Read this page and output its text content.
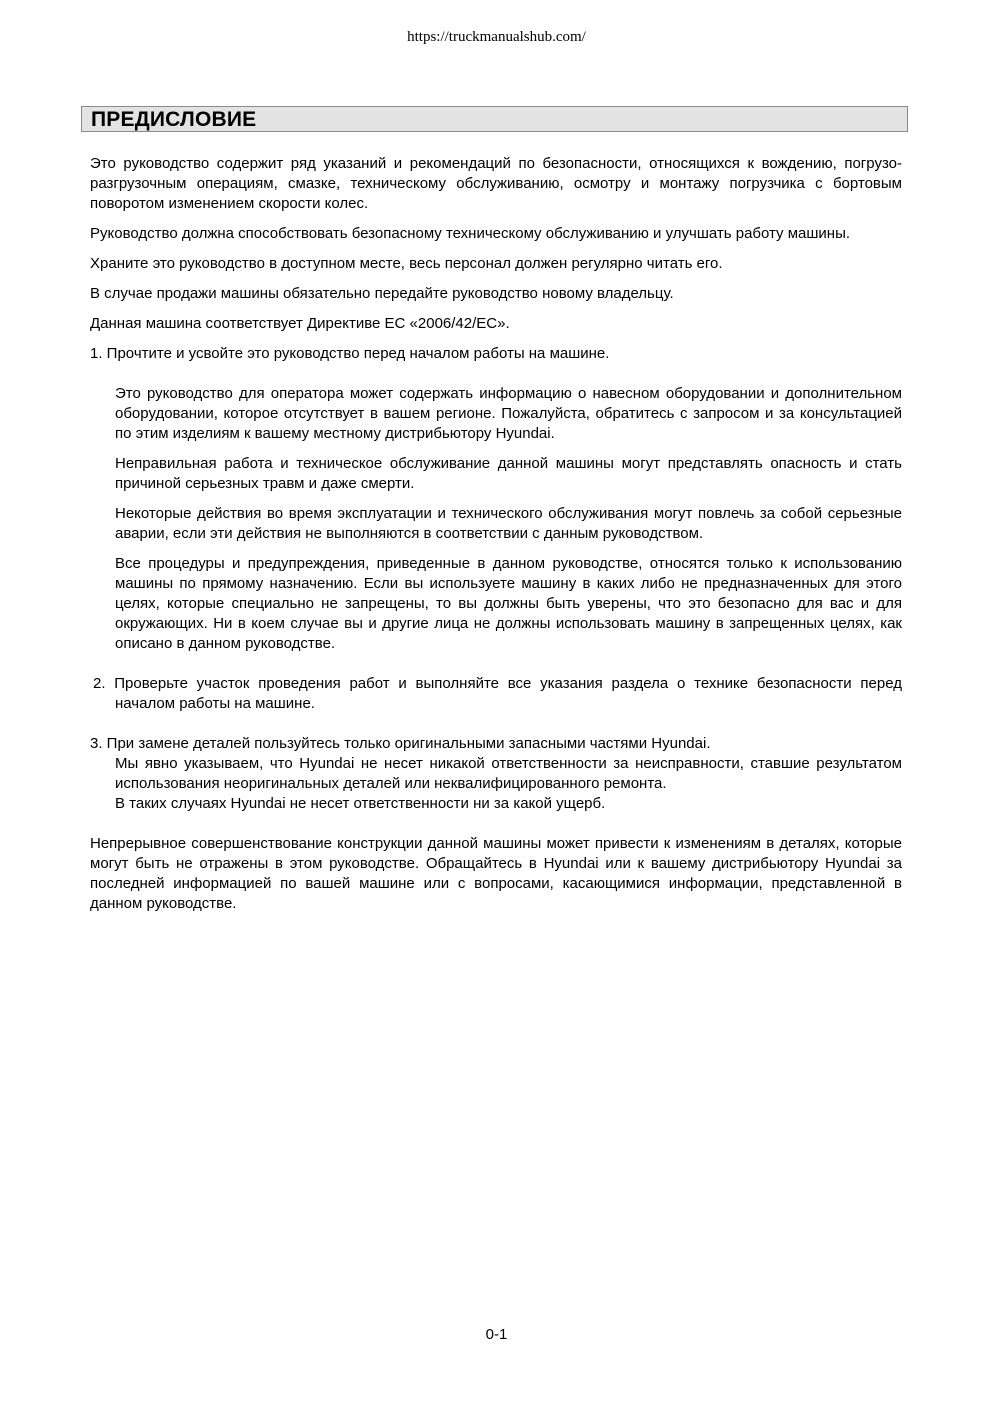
https://truckmanualshub.com/
ПРЕДИСЛОВИЕ

Это руководство содержит ряд указаний и рекомендаций по безопасности, относящихся к вождению, погрузо-разгрузочным операциям, смазке, техническому обслуживанию, осмотру и монтажу погрузчика с бортовым поворотом изменением скорости колес.

Руководство должна способствовать безопасному техническому обслуживанию и улучшать работу машины.

Храните это руководство в доступном месте, весь персонал должен регулярно читать его.

В случае продажи машины обязательно передайте руководство новому владельцу.

Данная машина соответствует Директиве ЕС «2006/42/EC».

1. Прочтите и усвойте это руководство перед началом работы на машине.

Это руководство для оператора может содержать информацию о навесном оборудовании и дополнительном оборудовании, которое отсутствует в вашем регионе. Пожалуйста, обратитесь с запросом и за консультацией по этим изделиям к вашему местному дистрибьютору Hyundai.

Неправильная работа и техническое обслуживание данной машины могут представлять опасность и стать причиной серьезных травм и даже смерти.

Некоторые действия во время эксплуатации и технического обслуживания могут повлечь за собой серьезные аварии, если эти действия не выполняются в соответствии с данным руководством.

Все процедуры и предупреждения, приведенные в данном руководстве, относятся только к использованию машины по прямому назначению. Если вы используете машину в каких либо не предназначенных для этого целях, которые специально не запрещены, то вы должны быть уверены, что это безопасно для вас и для окружающих. Ни в коем случае вы и другие лица не должны использовать машину в запрещенных целях, как описано в данном руководстве.

2. Проверьте участок проведения работ и выполняйте все указания раздела о технике безопасности перед началом работы на машине.

3. При замене деталей пользуйтесь только оригинальными запасными частями Hyundai.

Мы явно указываем, что Hyundai не несет никакой ответственности за неисправности, ставшие результатом использования неоригинальных деталей или неквалифицированного ремонта.

В таких случаях Hyundai не несет ответственности ни за какой ущерб.

Непрерывное совершенствование конструкции данной машины может привести к изменениям в деталях, которые могут быть не отражены в этом руководстве. Обращайтесь в Hyundai или к вашему дистрибьютору Hyundai за последней информацией по вашей машине или с вопросами, касающимися информации, представленной в данном руководстве.

0-1
